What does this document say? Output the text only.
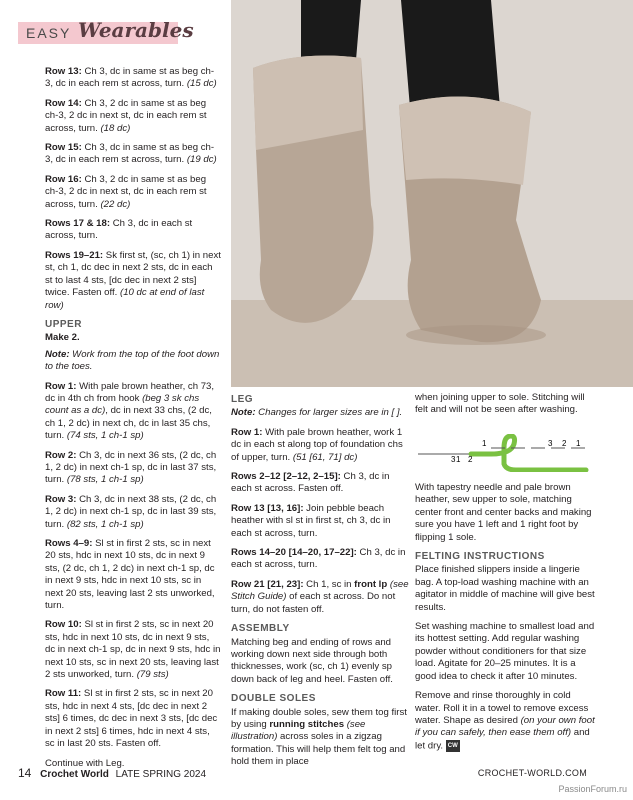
EASY Wearables

Row 13: Ch 3, dc in same st as beg ch-3, dc in each rem st across, turn. (15 dc)

Row 14: Ch 3, 2 dc in same st as beg ch-3, 2 dc in next st, dc in each rem st across, turn. (18 dc)

Row 15: Ch 3, dc in same st as beg ch-3, dc in each rem st across, turn. (19 dc)

Row 16: Ch 3, 2 dc in same st as beg ch-3, 2 dc in next st, dc in each rem st across, turn. (22 dc)

Rows 17 & 18: Ch 3, dc in each st across, turn.

Rows 19–21: Sk first st, (sc, ch 1) in next st, ch 1, dc dec in next 2 sts, dc in each st to last 4 sts, [dc dec in next 2 sts] twice. Fasten off. (10 dc at end of last row)

UPPER

Make 2.

Note: Work from the top of the foot down to the toes.

Row 1: With pale brown heather, ch 73, dc in 4th ch from hook (beg 3 sk chs count as a dc), dc in next 33 chs, (2 dc, ch 1, 2 dc) in next ch, dc in last 35 chs, turn. (74 sts, 1 ch-1 sp)

Row 2: Ch 3, dc in next 36 sts, (2 dc, ch 1, 2 dc) in next ch-1 sp, dc in last 37 sts, turn. (78 sts, 1 ch-1 sp)

Row 3: Ch 3, dc in next 38 sts, (2 dc, ch 1, 2 dc) in next ch-1 sp, dc in last 39 sts, turn. (82 sts, 1 ch-1 sp)

Rows 4–9: Sl st in first 2 sts, sc in next 20 sts, hdc in next 10 sts, dc in next 9 sts, (2 dc, ch 1, 2 dc) in next ch-1 sp, dc in next 9 sts, hdc in next 10 sts, sc in next 20 sts, leaving last 2 sts unworked, turn.

Row 10: Sl st in first 2 sts, sc in next 20 sts, hdc in next 10 sts, dc in next 9 sts, dc in next ch-1 sp, dc in next 9 sts, hdc in next 10 sts, sc in next 20 sts, leaving last 2 sts unworked, turn. (79 sts)

Row 11: Sl st in first 2 sts, sc in next 20 sts, hdc in next 4 sts, [dc dec in next 2 sts] 6 times, dc dec in next 3 sts, [dc dec in next 2 sts] 6 times, hdc in next 4 sts, sc in last 20 sts. Fasten off.

Continue with Leg.

LEG

Note: Changes for larger sizes are in [ ].

Row 1: With pale brown heather, work 1 dc in each st along top of foundation chs of upper, turn. (51 [61, 71] dc)

Rows 2–12 [2–12, 2–15]: Ch 3, dc in each st across. Fasten off.

Row 13 [13, 16]: Join pebble beach heather with sl st in first st, ch 3, dc in each st across, turn.

Rows 14–20 [14–20, 17–22]: Ch 3, dc in each st across, turn.

Row 21 [21, 23]: Ch 1, sc in front lp (see Stitch Guide) of each st across. Do not turn, do not fasten off.

ASSEMBLY

Matching beg and ending of rows and working down next side through both thicknesses, work (sc, ch 1) evenly sp down back of leg and heel. Fasten off.

DOUBLE SOLES

If making double soles, sew them tog first by using running stitches (see illustration) across soles in a zigzag formation. This will help them felt tog and hold them in place

when joining upper to sole. Stitching will felt and will not be seen after washing.

1
1
3 2
3 2 1

With tapestry needle and pale brown heather, sew upper to sole, matching center front and center backs and making sure you have 1 left and 1 right foot by flipping 1 sole.

FELTING INSTRUCTIONS

Place finished slippers inside a lingerie bag. A top-load washing machine with an agitator in middle of machine will give best results.

Set washing machine to smallest load and its hottest setting. Add regular washing powder without conditioners for that size load. Agitate for 20–25 minutes. It is a good idea to check it after 10 minutes.

Remove and rinse thoroughly in cold water. Roll it in a towel to remove excess water. Shape as desired (on your own foot if you can safely, then ease them off) and let dry. CW

14 Crochet World LATE SPRING 2024	CROCHET-WORLD.COM
PassionForum.ru
